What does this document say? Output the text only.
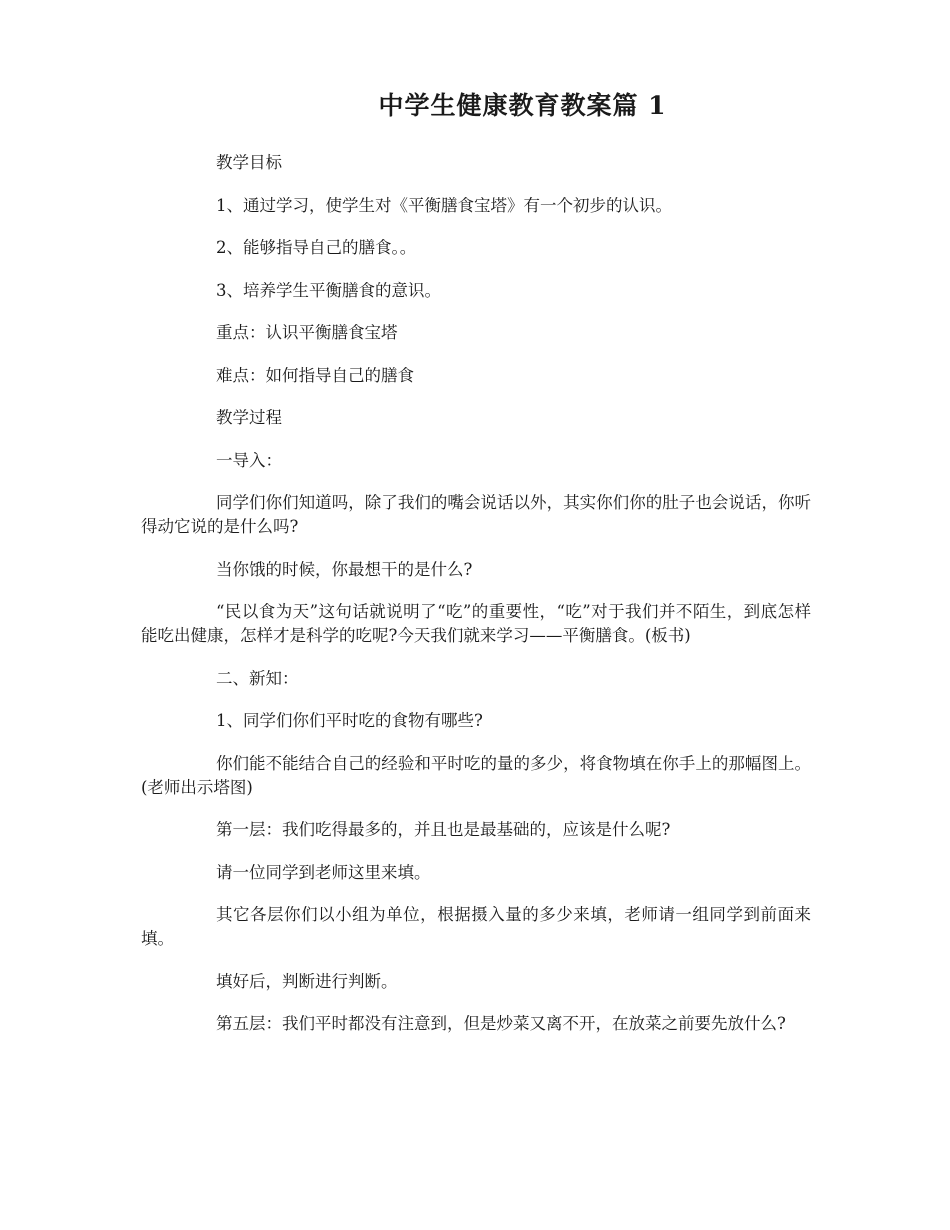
中学生健康教育教案篇 1

教学目标

1、通过学习，使学生对《平衡膳食宝塔》有一个初步的认识。

2、能够指导自己的膳食。。

3、培养学生平衡膳食的意识。

重点：认识平衡膳食宝塔

难点：如何指导自己的膳食

教学过程

一导入：

同学们你们知道吗，除了我们的嘴会说话以外，其实你们你的肚子也会说话，你听得动它说的是什么吗?

当你饿的时候，你最想干的是什么?

“民以食为天”这句话就说明了“吃”的重要性，“吃”对于我们并不陌生，到底怎样能吃出健康，怎样才是科学的吃呢?今天我们就来学习——平衡膳食。(板书)

二、新知：

1、同学们你们平时吃的食物有哪些?

你们能不能结合自己的经验和平时吃的量的多少，将食物填在你手上的那幅图上。(老师出示塔图)

第一层：我们吃得最多的，并且也是最基础的，应该是什么呢?

请一位同学到老师这里来填。

其它各层你们以小组为单位，根据摄入量的多少来填，老师请一组同学到前面来填。

填好后，判断进行判断。

第五层：我们平时都没有注意到，但是炒菜又离不开，在放菜之前要先放什么?
